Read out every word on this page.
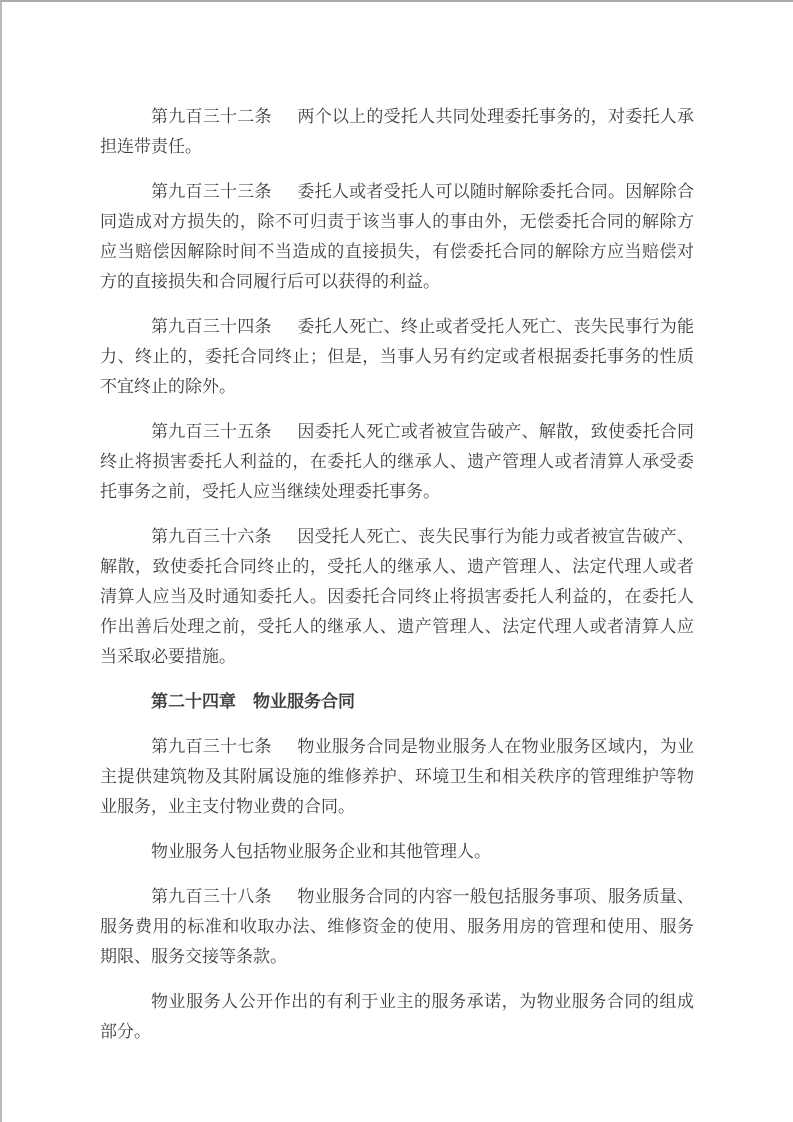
第九百三十二条 两个以上的受托人共同处理委托事务的，对委托人承担连带责任。

第九百三十三条 委托人或者受托人可以随时解除委托合同。因解除合同造成对方损失的，除不可归责于该当事人的事由外，无偿委托合同的解除方应当赔偿因解除时间不当造成的直接损失，有偿委托合同的解除方应当赔偿对方的直接损失和合同履行后可以获得的利益。

第九百三十四条 委托人死亡、终止或者受托人死亡、丧失民事行为能力、终止的，委托合同终止；但是，当事人另有约定或者根据委托事务的性质不宜终止的除外。

第九百三十五条 因委托人死亡或者被宣告破产、解散，致使委托合同终止将损害委托人利益的，在委托人的继承人、遗产管理人或者清算人承受委托事务之前，受托人应当继续处理委托事务。

第九百三十六条 因受托人死亡、丧失民事行为能力或者被宣告破产、解散，致使委托合同终止的，受托人的继承人、遗产管理人、法定代理人或者清算人应当及时通知委托人。因委托合同终止将损害委托人利益的，在委托人作出善后处理之前，受托人的继承人、遗产管理人、法定代理人或者清算人应当采取必要措施。

第二十四章 物业服务合同

第九百三十七条 物业服务合同是物业服务人在物业服务区域内，为业主提供建筑物及其附属设施的维修养护、环境卫生和相关秩序的管理维护等物业服务，业主支付物业费的合同。

物业服务人包括物业服务企业和其他管理人。

第九百三十八条 物业服务合同的内容一般包括服务事项、服务质量、服务费用的标准和收取办法、维修资金的使用、服务用房的管理和使用、服务期限、服务交接等条款。

物业服务人公开作出的有利于业主的服务承诺，为物业服务合同的组成部分。
